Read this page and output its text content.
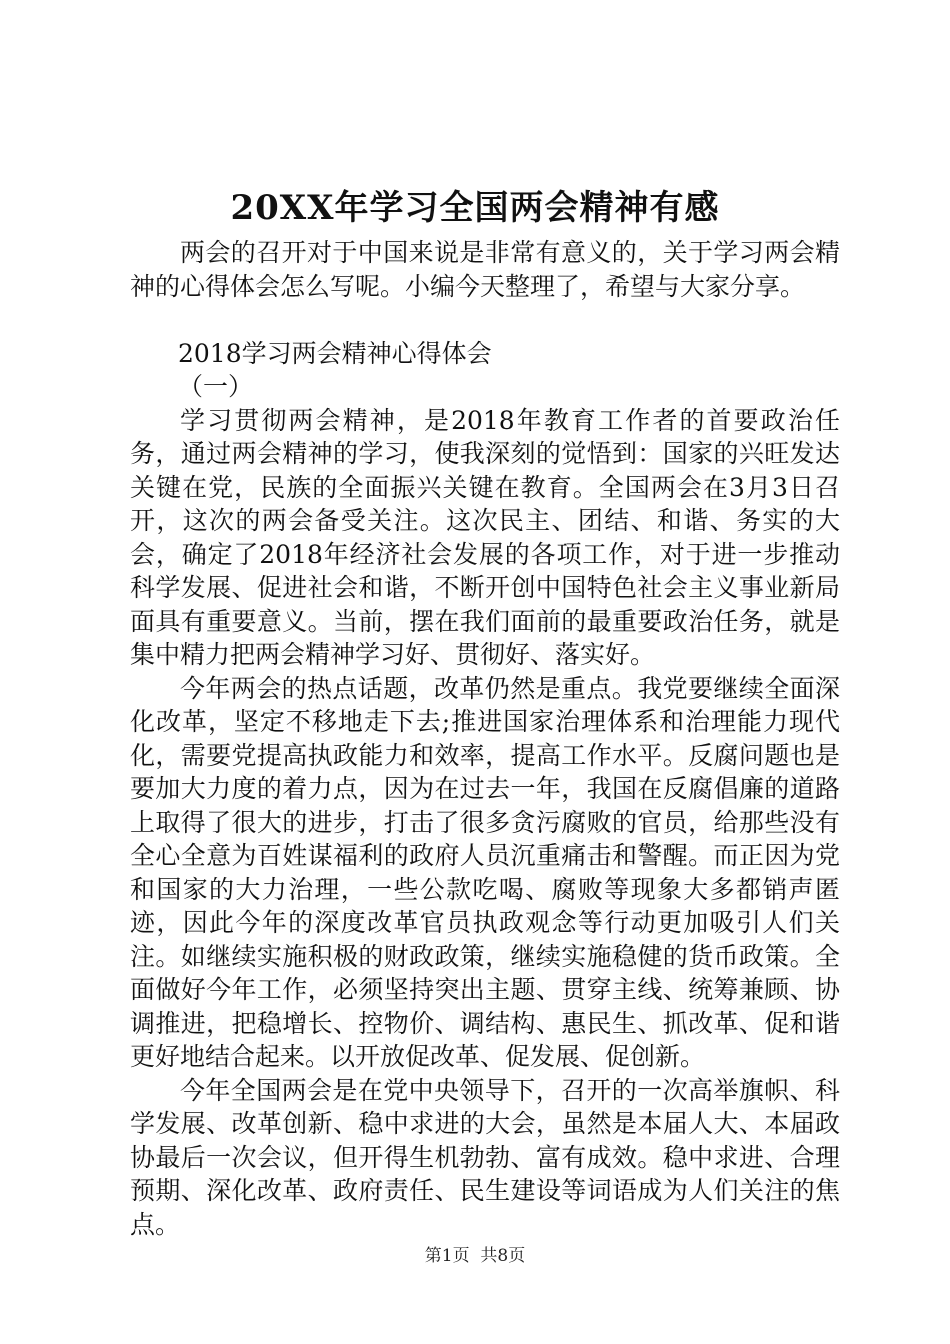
20XX年学习全国两会精神有感

两会的召开对于中国来说是非常有意义的，关于学习两会精神的心得体会怎么写呢。小编今天整理了，希望与大家分享。

2018学习两会精神心得体会

（一）

学习贯彻两会精神，是2018年教育工作者的首要政治任务，通过两会精神的学习，使我深刻的觉悟到：国家的兴旺发达关键在党，民族的全面振兴关键在教育。全国两会在3月3日召开，这次的两会备受关注。这次民主、团结、和谐、务实的大会，确定了2018年经济社会发展的各项工作，对于进一步推动科学发展、促进社会和谐，不断开创中国特色社会主义事业新局面具有重要意义。当前，摆在我们面前的最重要政治任务，就是集中精力把两会精神学习好、贯彻好、落实好。

今年两会的热点话题，改革仍然是重点。我党要继续全面深化改革，坚定不移地走下去;推进国家治理体系和治理能力现代化，需要党提高执政能力和效率，提高工作水平。反腐问题也是要加大力度的着力点，因为在过去一年，我国在反腐倡廉的道路上取得了很大的进步，打击了很多贪污腐败的官员，给那些没有全心全意为百姓谋福利的政府人员沉重痛击和警醒。而正因为党和国家的大力治理，一些公款吃喝、腐败等现象大多都销声匿迹，因此今年的深度改革官员执政观念等行动更加吸引人们关注。如继续实施积极的财政政策，继续实施稳健的货币政策。全面做好今年工作，必须坚持突出主题、贯穿主线、统筹兼顾、协调推进，把稳增长、控物价、调结构、惠民生、抓改革、促和谐更好地结合起来。以开放促改革、促发展、促创新。

今年全国两会是在党中央领导下，召开的一次高举旗帜、科学发展、改革创新、稳中求进的大会，虽然是本届人大、本届政协最后一次会议，但开得生机勃勃、富有成效。稳中求进、合理预期、深化改革、政府责任、民生建设等词语成为人们关注的焦点。

第1页 共8页
